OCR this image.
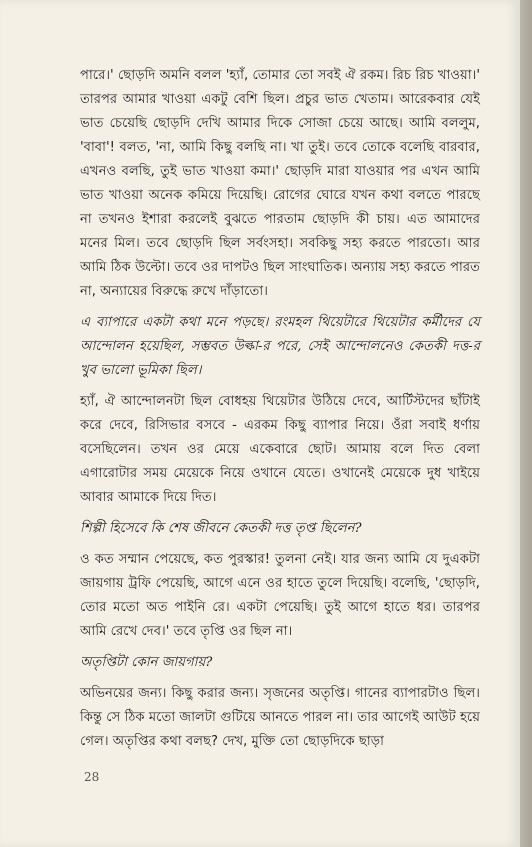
পারে।' ছোড়দি অমনি বলল 'হ্যাঁ, তোমার তো সবই ঐ রকম। রিচ রিচ খাওয়া।' তারপর আমার খাওয়া একটু বেশি ছিল। প্রচুর ভাত খেতাম। আরেকবার যেই ভাত চেয়েছি ছোড়দি দেখি আমার দিকে সোজা চেয়ে আছে। আমি বললুম, 'বাবা'! বলত, 'না, আমি কিছু বলছি না। খা তুই। তবে তোকে বলেছি বারবার, এখনও বলছি, তুই ভাত খাওয়া কমা।' ছোড়দি মারা যাওয়ার পর এখন আমি ভাত খাওয়া অনেক কমিয়ে দিয়েছি। রোগের ঘোরে যখন কথা বলতে পারছে না তখনও ইশারা করলেই বুঝতে পারতাম ছোড়দি কী চায়। এত আমাদের মনের মিল। তবে ছোড়দি ছিল সর্বংসহা। সবকিছু সহ্য করতে পারতো। আর আমি ঠিক উল্টো। তবে ওর দাপটও ছিল সাংঘাতিক। অন্যায় সহ্য করতে পারত না, অন্যায়ের বিরুদ্ধে রুখে দাঁড়াতো।

এ ব্যাপারে একটা কথা মনে পড়ছে। রংমহল থিয়েটারে থিয়েটার কর্মীদের যে আন্দোলন হয়েছিল, সম্ভবত উল্কা-র পরে, সেই আন্দোলনেও কেতকী দত্ত-র খুব ভালো ভূমিকা ছিল।

হ্যাঁ, ঐ আন্দোলনটা ছিল বোধহয় থিয়েটার উঠিয়ে দেবে, আর্টিস্টদের ছাঁটাই করে দেবে, রিসিভার বসবে - এরকম কিছু ব্যাপার নিয়ে। ওঁরা সবাই ধর্ণায় বসেছিলেন। তখন ওর মেয়ে একেবারে ছোট। আমায় বলে দিত বেলা এগারোটার সময় মেয়েকে নিয়ে ওখানে যেতে। ওখানেই মেয়েকে দুধ খাইয়ে আবার আমাকে দিয়ে দিত।

শিল্পী হিসেবে কি শেষ জীবনে কেতকী দত্ত তৃপ্ত ছিলেন?

ও কত সম্মান পেয়েছে, কত পুরস্কার! তুলনা নেই। যার জন্য আমি যে দুএকটা জায়গায় ট্রফি পেয়েছি, আগে এনে ওর হাতে তুলে দিয়েছি। বলেছি, 'ছোড়দি, তোর মতো অত পাইনি রে। একটা পেয়েছি। তুই আগে হাতে ধর। তারপর আমি রেখে দেব।' তবে তৃপ্তি ওর ছিল না।

অতৃপ্তিটা কোন জায়গায়?

অভিনয়ের জন্য। কিছু করার জন্য। সৃজনের অতৃপ্তি। গানের ব্যাপারটাও ছিল। কিন্তু সে ঠিক মতো জালটা গুটিয়ে আনতে পারল না। তার আগেই আউট হয়ে গেল। অতৃপ্তির কথা বলছ? দেখ, মুক্তি তো ছোড়দিকে ছাড়া

28
